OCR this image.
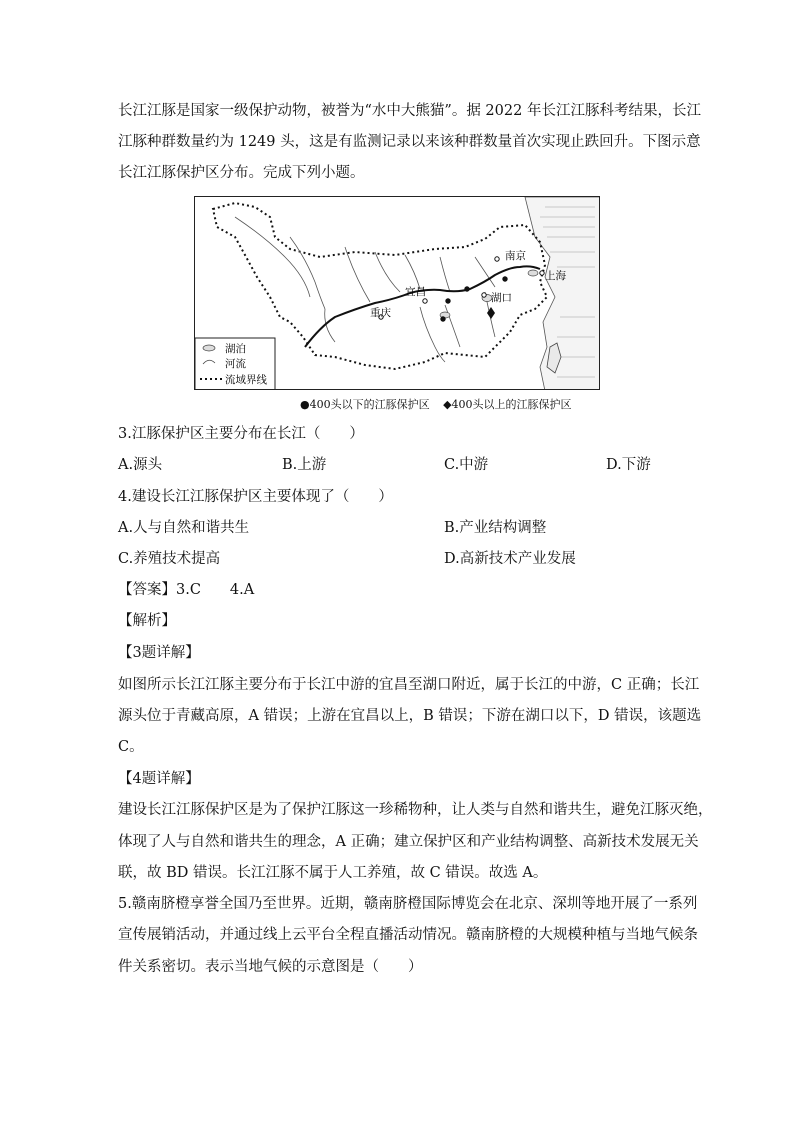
长江江豚是国家一级保护动物，被誉为“水中大熊猫”。据 2022 年长江江豚科考结果，长江
江豚种群数量约为 1249 头，这是有监测记录以来该种群数量首次实现止跌回升。下图示意
长江江豚保护区分布。完成下列小题。
南京
上海
宜昌	湖口
重庆
湖泊
河流
流域界线
●400头以下的江豚保护区 ◆400头以上的江豚保护区
3.江豚保护区主要分布在长江（　　）
A.源头	B.上游	C.中游	D.下游
4.建设长江江豚保护区主要体现了（　　）
A.人与自然和谐共生	B.产业结构调整
C.养殖技术提高	D.高新技术产业发展
【答案】3.C　　4.A
【解析】
【3题详解】
如图所示长江江豚主要分布于长江中游的宜昌至湖口附近，属于长江的中游，C 正确；长江
源头位于青藏高原，A 错误；上游在宜昌以上，B 错误；下游在湖口以下，D 错误，该题选
C。
【4题详解】
建设长江江豚保护区是为了保护江豚这一珍稀物种，让人类与自然和谐共生，避免江豚灭绝，
体现了人与自然和谐共生的理念，A 正确；建立保护区和产业结构调整、高新技术发展无关
联，故 BD 错误。长江江豚不属于人工养殖，故 C 错误。故选 A。
5.赣南脐橙享誉全国乃至世界。近期，赣南脐橙国际博览会在北京、深圳等地开展了一系列
宣传展销活动，并通过线上云平台全程直播活动情况。赣南脐橙的大规模种植与当地气候条
件关系密切。表示当地气候的示意图是（　　）
